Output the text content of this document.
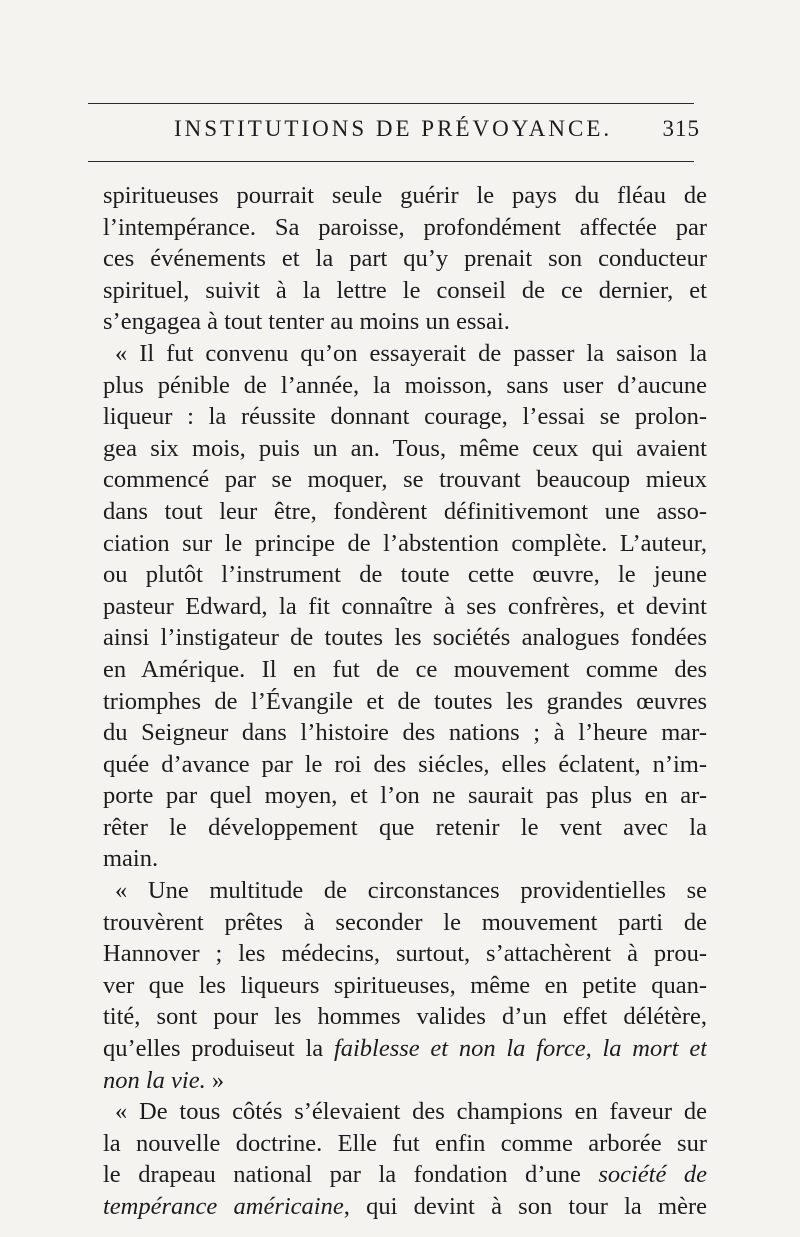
INSTITUTIONS DE PRÉVOYANCE. 315
spiritueuses pourrait seule guérir le pays du fléau de
l’intempérance. Sa paroisse, profondément affectée par
ces événements et la part qu’y prenait son conducteur
spirituel, suivit à la lettre le conseil de ce dernier, et
s’engagea à tout tenter au moins un essai.
« Il fut convenu qu’on essayerait de passer la saison la
plus pénible de l’année, la moisson, sans user d’aucune
liqueur : la réussite donnant courage, l’essai se prolon-
gea six mois, puis un an. Tous, même ceux qui avaient
commencé par se moquer, se trouvant beaucoup mieux
dans tout leur être, fondèrent définitivemont une asso-
ciation sur le principe de l’abstention complète. L’auteur,
ou plutôt l’instrument de toute cette œuvre, le jeune
pasteur Edward, la fit connaître à ses confrères, et devint
ainsi l’instigateur de toutes les sociétés analogues fondées
en Amérique. Il en fut de ce mouvement comme des
triomphes de l’Évangile et de toutes les grandes œuvres
du Seigneur dans l’histoire des nations ; à l’heure mar-
quée d’avance par le roi des siécles, elles éclatent, n’im-
porte par quel moyen, et l’on ne saurait pas plus en ar-
rêter le développement que retenir le vent avec la
main.
« Une multitude de circonstances providentielles se
trouvèrent prêtes à seconder le mouvement parti de
Hannover ; les médecins, surtout, s’attachèrent à prou-
ver que les liqueurs spiritueuses, même en petite quan-
tité, sont pour les hommes valides d’un effet délétère,
qu’elles produiseut la faiblesse et non la force, la mort et
non la vie. »
« De tous côtés s’élevaient des champions en faveur de
la nouvelle doctrine. Elle fut enfin comme arborée sur
le drapeau national par la fondation d’une société de
tempérance américaine, qui devint à son tour la mère
